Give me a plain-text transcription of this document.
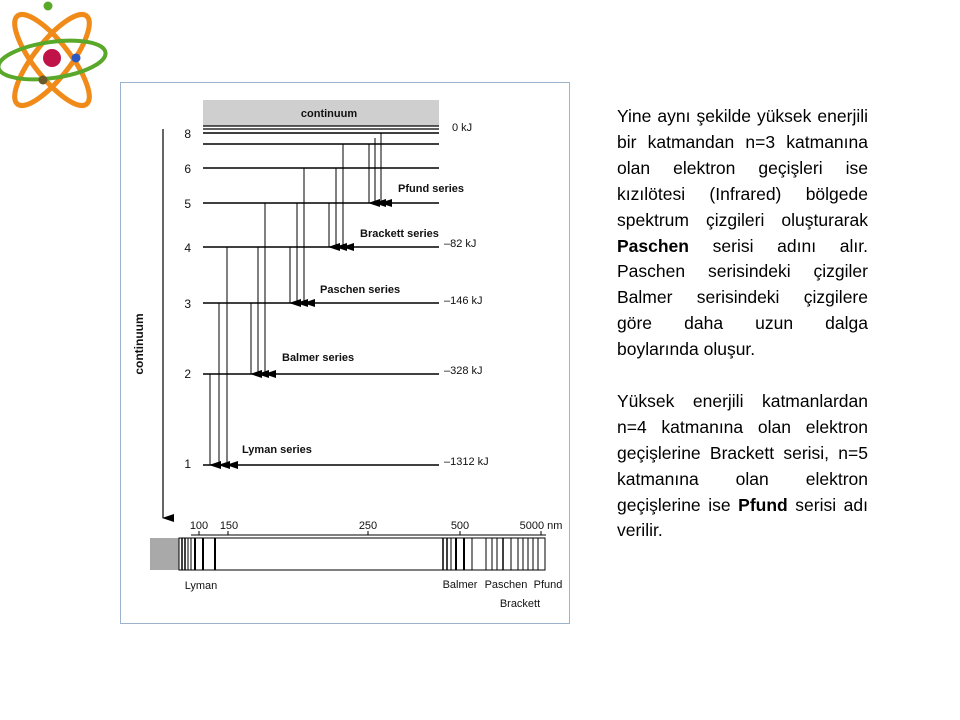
continuum
8	0 kJ
6
5
4	–82 kJ
3	–146 kJ
2	–328 kJ
1	–1312 kJ
continuum
Pfund series
Brackett series
Paschen series
Balmer series
Lyman series
100 150	250	500	5000 nm
Lyman	Balmer Paschen Pfund
Brackett

Yine aynı şekilde yüksek enerjili bir katmandan n=3 katmanına olan elektron geçişleri ise kızılötesi (Infrared) bölgede spektrum çizgileri oluşturarak Paschen serisi adını alır. Paschen serisindeki çizgiler Balmer serisindeki çizgilere göre daha uzun dalga boylarında oluşur.

Yüksek enerjili katmanlardan n=4 katmanına olan elektron geçişlerine Brackett serisi, n=5 katmanına olan elektron geçişlerine ise Pfund serisi adı verilir.
